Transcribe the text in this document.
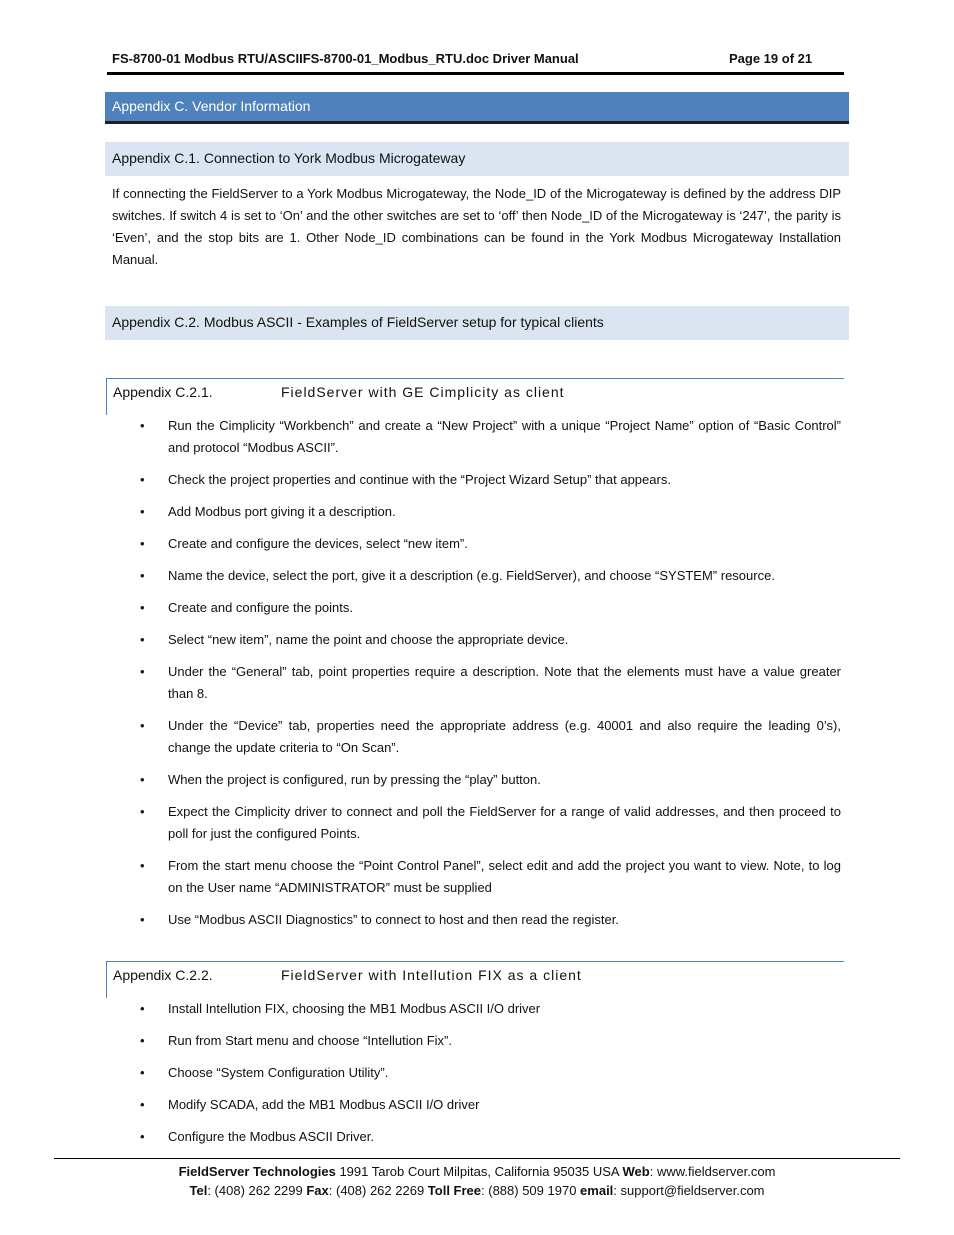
FS-8700-01 Modbus RTU/ASCIIFS-8700-01_Modbus_RTU.doc Driver Manual	Page 19 of 21
Appendix C. Vendor Information
Appendix C.1. Connection to York Modbus Microgateway

If connecting the FieldServer to a York Modbus Microgateway, the Node_ID of the Microgateway is defined by the address DIP switches. If switch 4 is set to ‘On’ and the other switches are set to ‘off’ then Node_ID of the Microgateway is ‘247’, the parity is ‘Even’, and the stop bits are 1. Other Node_ID combinations can be found in the York Modbus Microgateway Installation Manual.

Appendix C.2. Modbus ASCII - Examples of FieldServer setup for typical clients
Appendix C.2.1.	FieldServer with GE Cimplicity as client
• Run the Cimplicity “Workbench” and create a “New Project” with a unique “Project Name” option of “Basic Control” and protocol “Modbus ASCII”.
• Check the project properties and continue with the “Project Wizard Setup” that appears.
• Add Modbus port giving it a description.
• Create and configure the devices, select “new item”.
• Name the device, select the port, give it a description (e.g. FieldServer), and choose “SYSTEM” resource.
• Create and configure the points.
• Select “new item”, name the point and choose the appropriate device.
• Under the “General” tab, point properties require a description. Note that the elements must have a value greater than 8.
• Under the “Device” tab, properties need the appropriate address (e.g. 40001 and also require the leading 0’s), change the update criteria to “On Scan”.
• When the project is configured, run by pressing the “play” button.
• Expect the Cimplicity driver to connect and poll the FieldServer for a range of valid addresses, and then proceed to poll for just the configured Points.
• From the start menu choose the “Point Control Panel”, select edit and add the project you want to view. Note, to log on the User name “ADMINISTRATOR” must be supplied
• Use “Modbus ASCII Diagnostics” to connect to host and then read the register.
Appendix C.2.2.	FieldServer with Intellution FIX as a client
• Install Intellution FIX, choosing the MB1 Modbus ASCII I/O driver
• Run from Start menu and choose “Intellution Fix”.
• Choose “System Configuration Utility”.
• Modify SCADA, add the MB1 Modbus ASCII I/O driver
• Configure the Modbus ASCII Driver.
FieldServer Technologies 1991 Tarob Court Milpitas, California 95035 USA Web: www.fieldserver.com
Tel: (408) 262 2299 Fax: (408) 262 2269 Toll Free: (888) 509 1970 email: support@fieldserver.com
